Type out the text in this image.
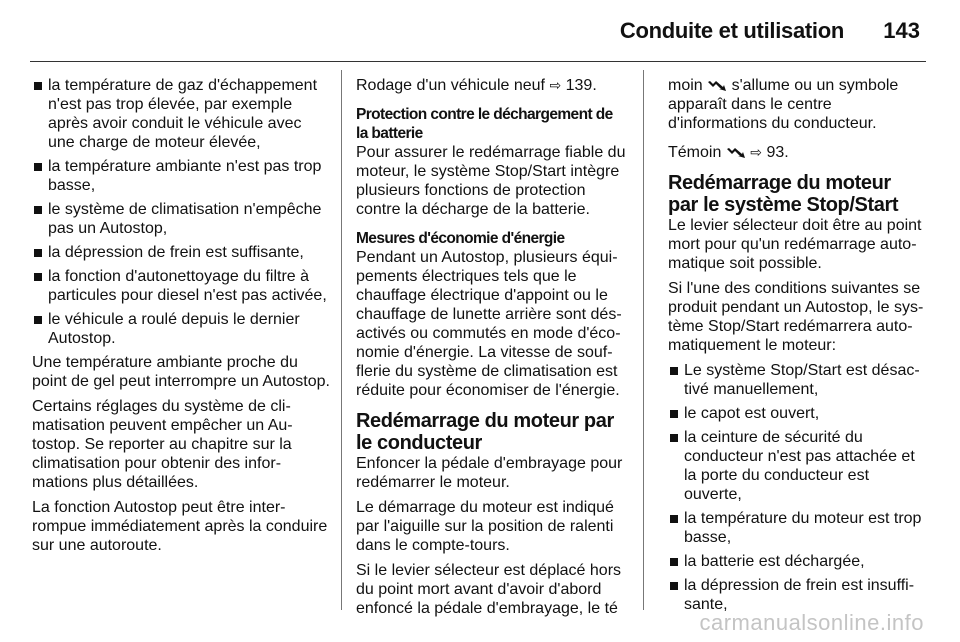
Conduite et utilisation 143
la température de gaz d'échappement n'est pas trop élevée, par exemple après avoir conduit le véhicule avec une charge de moteur élevée,
la température ambiante n'est pas trop basse,
le système de climatisation n'empêche pas un Autostop,
la dépression de frein est suffisante,
la fonction d'autonettoyage du filtre à particules pour diesel n'est pas activée,
le véhicule a roulé depuis le dernier Autostop.

Une température ambiante proche du point de gel peut interrompre un Autostop.

Certains réglages du système de climatisation peuvent empêcher un Autostop. Se reporter au chapitre sur la climatisation pour obtenir des informations plus détaillées.

La fonction Autostop peut être interrompue immédiatement après la conduire sur une autoroute.

Rodage d'un véhicule neuf ⇨ 139.

Protection contre le déchargement de la batterie

Pour assurer le redémarrage fiable du moteur, le système Stop/Start intègre plusieurs fonctions de protection contre la décharge de la batterie.

Mesures d'économie d'énergie

Pendant un Autostop, plusieurs équipements électriques tels que le chauffage électrique d'appoint ou le chauffage de lunette arrière sont désactivés ou commutés en mode d'économie d'énergie. La vitesse de soufflerie du système de climatisation est réduite pour économiser de l'énergie.

Redémarrage du moteur par le conducteur

Enfoncer la pédale d'embrayage pour redémarrer le moteur.

Le démarrage du moteur est indiqué par l'aiguille sur la position de ralenti dans le compte-tours.

Si le levier sélecteur est déplacé hors du point mort avant d'avoir d'abord enfoncé la pédale d'embrayage, le té

moin s'allume ou un symbole apparaît dans le centre d'informations du conducteur.

Témoin ⇨ 93.

Redémarrage du moteur par le système Stop/Start

Le levier sélecteur doit être au point mort pour qu'un redémarrage automatique soit possible.

Si l'une des conditions suivantes se produit pendant un Autostop, le système Stop/Start redémarrera automatiquement le moteur:

Le système Stop/Start est désactivé manuellement,
le capot est ouvert,
la ceinture de sécurité du conducteur n'est pas attachée et la porte du conducteur est ouverte,
la température du moteur est trop basse,
la batterie est déchargée,
la dépression de frein est insuffisante,
carmanualsonline.info
